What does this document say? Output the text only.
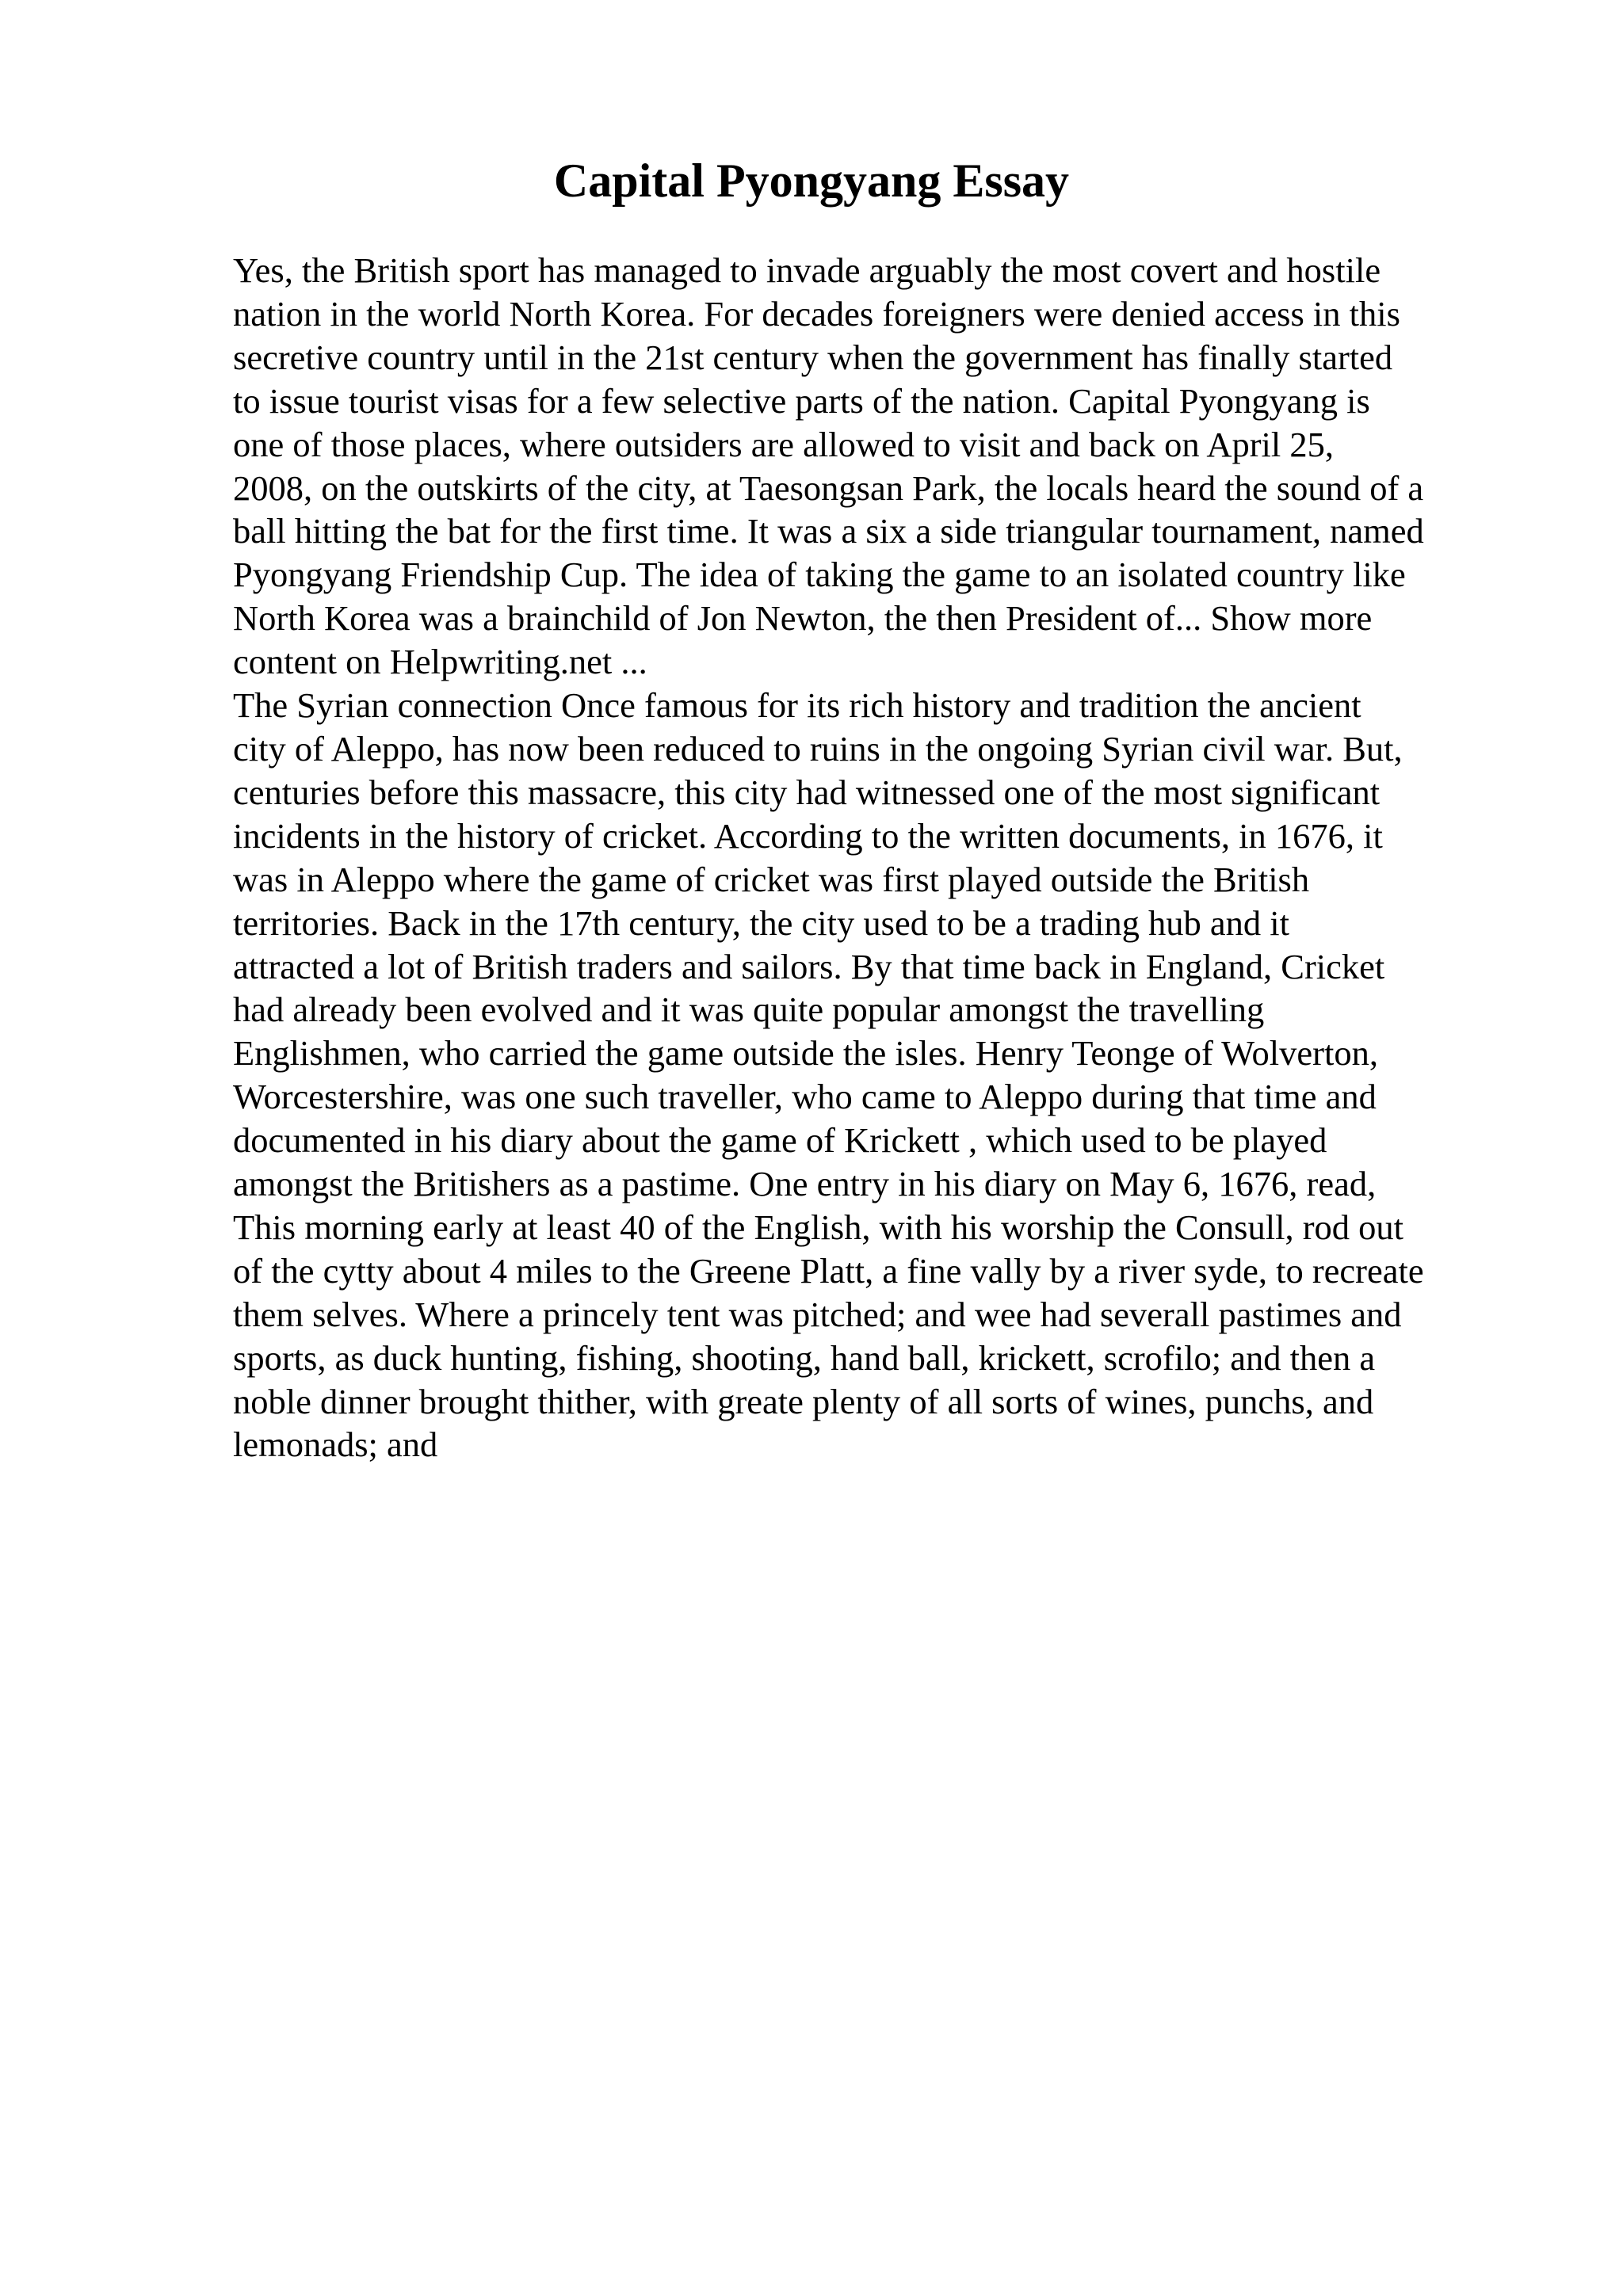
Capital Pyongyang Essay
Yes, the British sport has managed to invade arguably the most covert and hostile
nation in the world North Korea. For decades foreigners were denied access in this
secretive country until in the 21st century when the government has finally started
to issue tourist visas for a few selective parts of the nation. Capital Pyongyang is
one of those places, where outsiders are allowed to visit and back on April 25,
2008, on the outskirts of the city, at Taesongsan Park, the locals heard the sound of a
ball hitting the bat for the first time. It was a six a side triangular tournament, named
Pyongyang Friendship Cup. The idea of taking the game to an isolated country like
North Korea was a brainchild of Jon Newton, the then President of... Show more
content on Helpwriting.net ...
The Syrian connection Once famous for its rich history and tradition the ancient
city of Aleppo, has now been reduced to ruins in the ongoing Syrian civil war. But,
centuries before this massacre, this city had witnessed one of the most significant
incidents in the history of cricket. According to the written documents, in 1676, it
was in Aleppo where the game of cricket was first played outside the British
territories. Back in the 17th century, the city used to be a trading hub and it
attracted a lot of British traders and sailors. By that time back in England, Cricket
had already been evolved and it was quite popular amongst the travelling
Englishmen, who carried the game outside the isles. Henry Teonge of Wolverton,
Worcestershire, was one such traveller, who came to Aleppo during that time and
documented in his diary about the game of Krickett , which used to be played
amongst the Britishers as a pastime. One entry in his diary on May 6, 1676, read,
This morning early at least 40 of the English, with his worship the Consull, rod out
of the cytty about 4 miles to the Greene Platt, a fine vally by a river syde, to recreate
them selves. Where a princely tent was pitched; and wee had severall pastimes and
sports, as duck hunting, fishing, shooting, hand ball, krickett, scrofilo; and then a
noble dinner brought thither, with greate plenty of all sorts of wines, punchs, and
lemonads; and
